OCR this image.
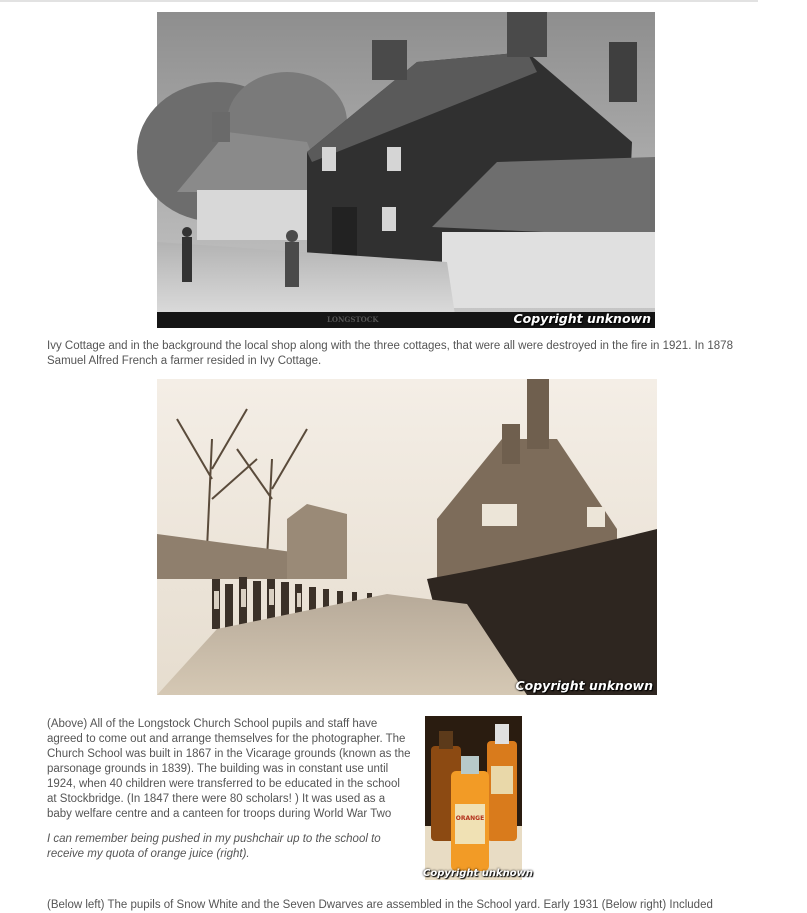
LONGSTOCK	Copyright unknown

Ivy Cottage and in the background the local shop along with the three cottages, that were all were destroyed in the fire in 1921. In 1878 Samuel Alfred French a farmer resided in Ivy Cottage.

Copyright unknown

(Above) All of the Longstock Church School pupils and staff have agreed to come out and arrange themselves for the photographer. The Church School was built in 1867 in the Vicarage grounds (known as the parsonage grounds in 1839). The building was in constant use until 1924, when 40 children were transferred to be educated in the school at Stockbridge. (In 1847 there were 80 scholars! ) It was used as a baby welfare centre and a canteen for troops during World War Two

I can remember being pushed in my pushchair up to the school to receive my quota of orange juice (right).

ORANGE
Copyright unknown
(Below left) The pupils of Snow White and the Seven Dwarves are assembled in the School yard. Early 1931 (Below right) Included
